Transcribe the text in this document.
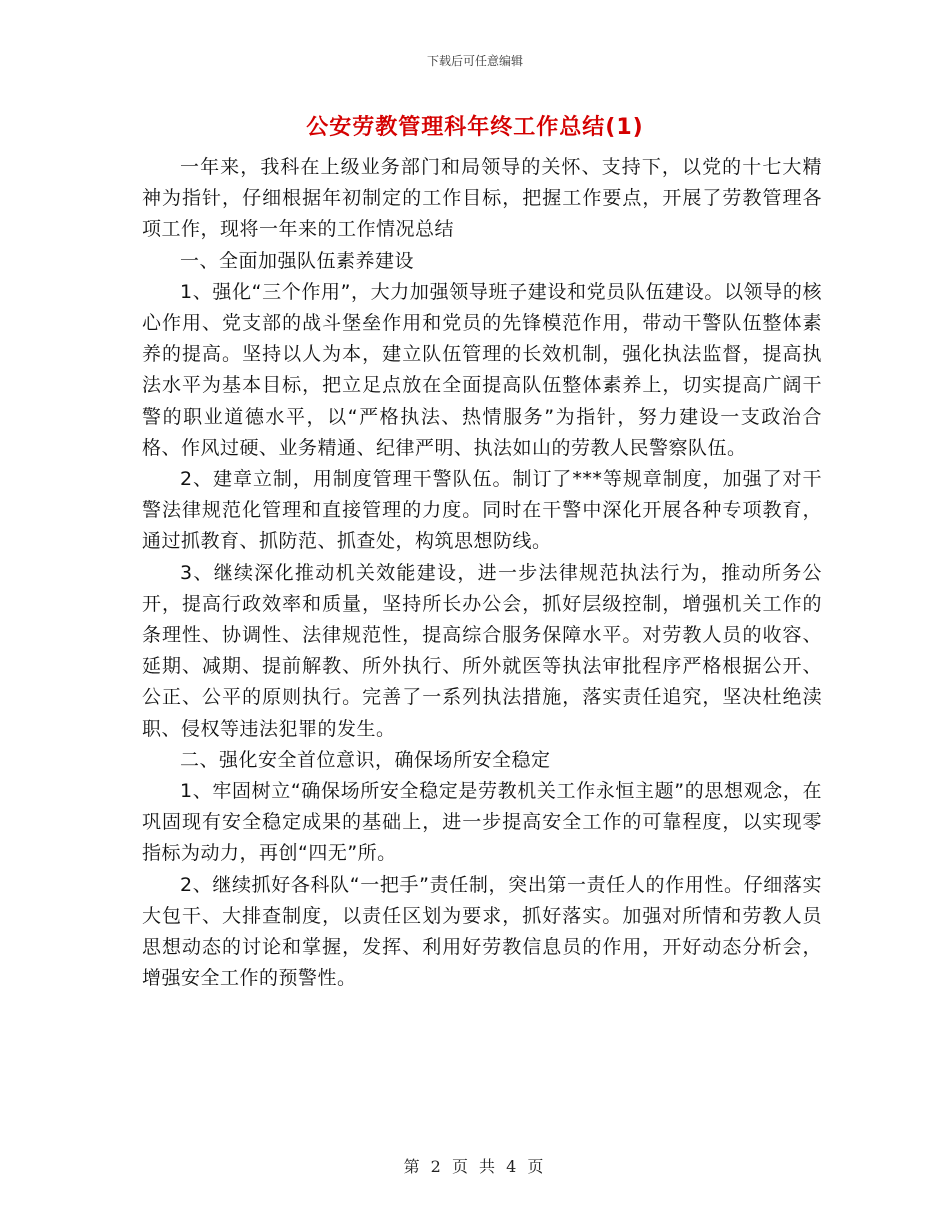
下载后可任意编辑
公安劳教管理科年终工作总结(1)

一年来，我科在上级业务部门和局领导的关怀、支持下，以党的十七大精神为指针，仔细根据年初制定的工作目标，把握工作要点，开展了劳教管理各项工作，现将一年来的工作情况总结

一、全面加强队伍素养建设

1、强化“三个作用”，大力加强领导班子建设和党员队伍建设。以领导的核心作用、党支部的战斗堡垒作用和党员的先锋模范作用，带动干警队伍整体素养的提高。坚持以人为本，建立队伍管理的长效机制，强化执法监督，提高执法水平为基本目标，把立足点放在全面提高队伍整体素养上，切实提高广阔干警的职业道德水平，以“严格执法、热情服务”为指针，努力建设一支政治合格、作风过硬、业务精通、纪律严明、执法如山的劳教人民警察队伍。

2、建章立制，用制度管理干警队伍。制订了***等规章制度，加强了对干警法律规范化管理和直接管理的力度。同时在干警中深化开展各种专项教育，通过抓教育、抓防范、抓查处，构筑思想防线。

3、继续深化推动机关效能建设，进一步法律规范执法行为，推动所务公开，提高行政效率和质量，坚持所长办公会，抓好层级控制，增强机关工作的条理性、协调性、法律规范性，提高综合服务保障水平。对劳教人员的收容、延期、减期、提前解教、所外执行、所外就医等执法审批程序严格根据公开、公正、公平的原则执行。完善了一系列执法措施，落实责任追究，坚决杜绝渎职、侵权等违法犯罪的发生。

二、强化安全首位意识，确保场所安全稳定

1、牢固树立“确保场所安全稳定是劳教机关工作永恒主题”的思想观念，在巩固现有安全稳定成果的基础上，进一步提高安全工作的可靠程度，以实现零指标为动力，再创“四无”所。

2、继续抓好各科队“一把手”责任制，突出第一责任人的作用性。仔细落实大包干、大排查制度，以责任区划为要求，抓好落实。加强对所情和劳教人员思想动态的讨论和掌握，发挥、利用好劳教信息员的作用，开好动态分析会，增强安全工作的预警性。

第 2 页 共 4 页
